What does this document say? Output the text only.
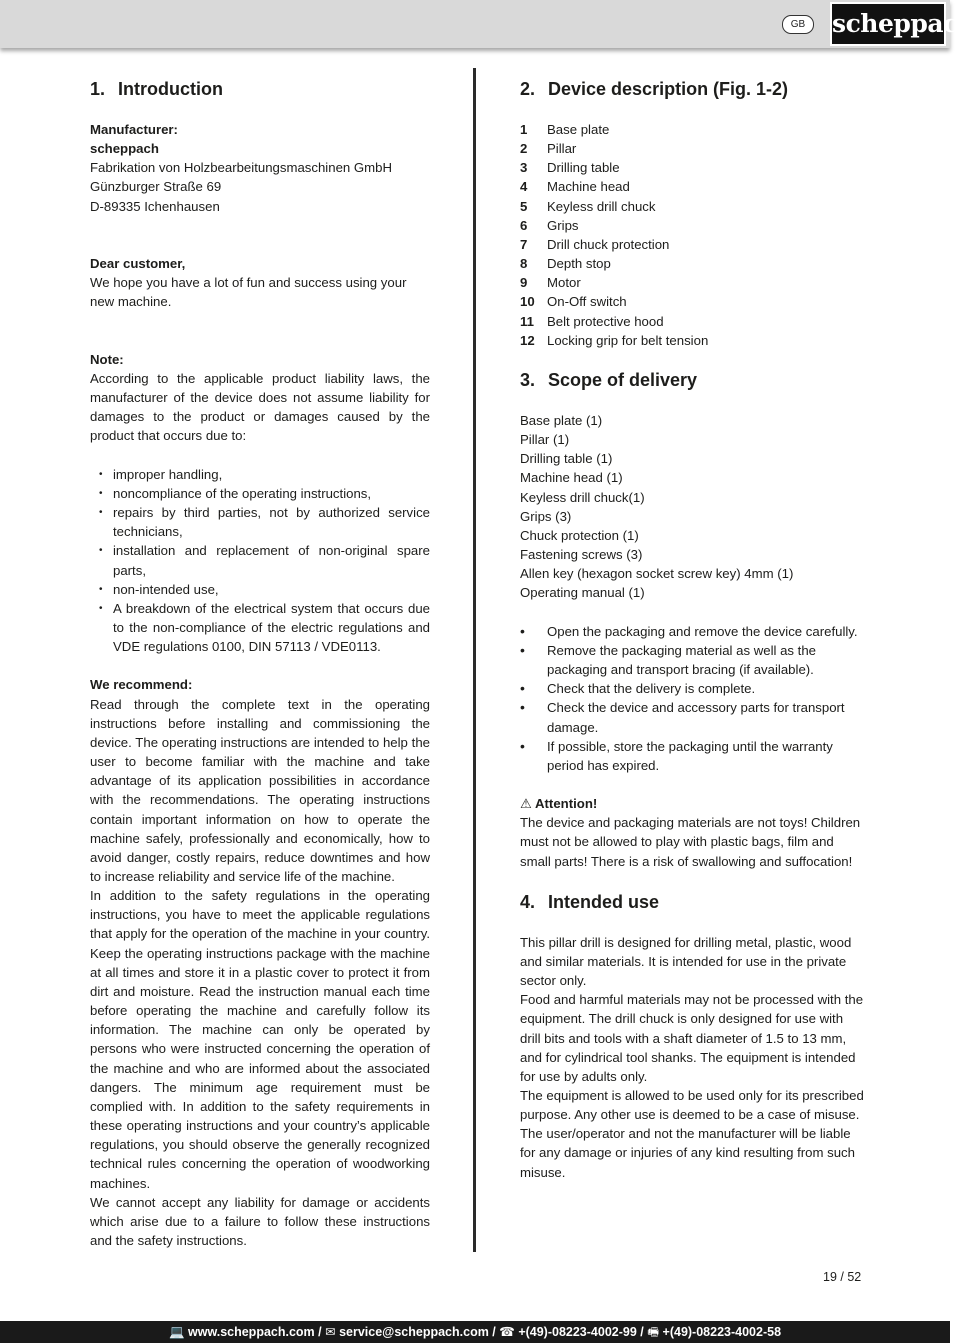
GB	scheppach
1. Introduction

Manufacturer:

scheppach

Fabrikation von Holzbearbeitungsmaschinen GmbH

Günzburger Straße 69

D-89335 Ichenhausen

Dear customer,

We hope you have a lot of fun and success using your new machine.

Note:

According to the applicable product liability laws, the manufacturer of the device does not assume liability for damages to the product or damages caused by the product that occurs due to:

• improper handling,
• noncompliance of the operating instructions,
• repairs by third parties, not by authorized service technicians,
• installation and replacement of non-original spare parts,
• non-intended use,
• A breakdown of the electrical system that occurs due to the non-compliance of the electric regulations and VDE regulations 0100, DIN 57113 / VDE0113.

We recommend:

Read through the complete text in the operating instructions before installing and commissioning the device. The operating instructions are intended to help the user to become familiar with the machine and take advantage of its application possibilities in accordance with the recommendations. The operating instructions contain important information on how to operate the machine safely, professionally and economically, how to avoid danger, costly repairs, reduce downtimes and how to increase reliability and service life of the machine.

In addition to the safety regulations in the operating instructions, you have to meet the applicable regulations that apply for the operation of the machine in your country. Keep the operating instructions package with the machine at all times and store it in a plastic cover to protect it from dirt and moisture. Read the instruction manual each time before operating the machine and carefully follow its information. The machine can only be operated by persons who were instructed concerning the operation of the machine and who are informed about the associated dangers. The minimum age requirement must be complied with. In addition to the safety requirements in these operating instructions and your country’s applicable regulations, you should observe the generally recognized technical rules concerning the operation of woodworking machines.

We cannot accept any liability for damage or accidents which arise due to a failure to follow these instructions and the safety instructions.

2. Device description (Fig. 1-2)
1	Base plate
2	Pillar
3	Drilling table
4	Machine head
5	Keyless drill chuck
6	Grips
7	Drill chuck protection
8	Depth stop
9	Motor
10 On-Off switch
11 Belt protective hood
12 Locking grip for belt tension
3. Scope of delivery

Base plate (1)

Pillar (1)

Drilling table (1)

Machine head (1)

Keyless drill chuck(1)

Grips (3)

Chuck protection (1)

Fastening screws (3)

Allen key (hexagon socket screw key) 4mm (1)

Operating manual (1)

• Open the packaging and remove the device carefully.
• Remove the packaging material as well as the packaging and transport bracing (if available).
• Check that the delivery is complete.
• Check the device and accessory parts for transport damage.
• If possible, store the packaging until the warranty period has expired.

⚠ Attention!

The device and packaging materials are not toys! Children must not be allowed to play with plastic bags, film and small parts! There is a risk of swallowing and suffocation!

4. Intended use

This pillar drill is designed for drilling metal, plastic, wood and similar materials. It is intended for use in the private sector only.

Food and harmful materials may not be processed with the equipment. The drill chuck is only designed for use with drill bits and tools with a shaft diameter of 1.5 to 13 mm, and for cylindrical tool shanks. The equipment is intended for use by adults only.

The equipment is allowed to be used only for its prescribed purpose. Any other use is deemed to be a case of misuse. The user/operator and not the manufacturer will be liable for any damage or injuries of any kind resulting from such misuse.

19 / 52
💻 www.scheppach.com / ✉ service@scheppach.com / ☎ +(49)-08223-4002-99 / 🖷 +(49)-08223-4002-58
